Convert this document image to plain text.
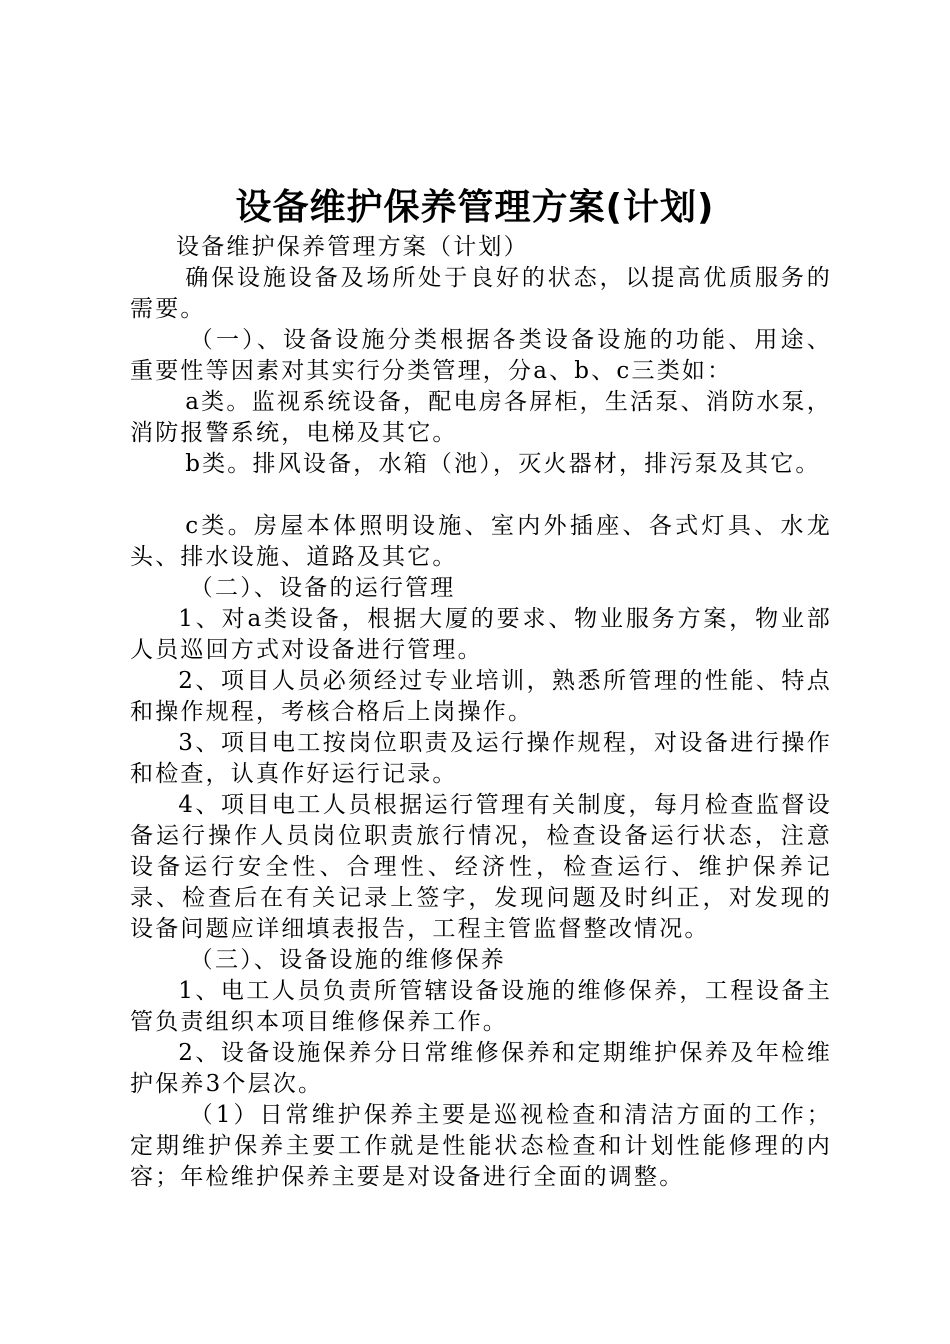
设备维护保养管理方案(计划)

设备维护保养管理方案（计划）

确保设施设备及场所处于良好的状态，以提高优质服务的需要。

（一）、设备设施分类根据各类设备设施的功能、用途、重要性等因素对其实行分类管理，分a、b、c三类如：

a类。监视系统设备，配电房各屏柜，生活泵、消防水泵，消防报警系统，电梯及其它。

b类。排风设备，水箱（池），灭火器材，排污泵及其它。

c类。房屋本体照明设施、室内外插座、各式灯具、水龙头、排水设施、道路及其它。

（二）、设备的运行管理

1、对a类设备，根据大厦的要求、物业服务方案，物业部人员巡回方式对设备进行管理。

2、项目人员必须经过专业培训，熟悉所管理的性能、特点和操作规程，考核合格后上岗操作。

3、项目电工按岗位职责及运行操作规程，对设备进行操作和检查，认真作好运行记录。

4、项目电工人员根据运行管理有关制度，每月检查监督设备运行操作人员岗位职责旅行情况，检查设备运行状态，注意设备运行安全性、合理性、经济性，检查运行、维护保养记录、检查后在有关记录上签字，发现问题及时纠正，对发现的设备问题应详细填表报告，工程主管监督整改情况。

（三）、设备设施的维修保养

1、电工人员负责所管辖设备设施的维修保养，工程设备主管负责组织本项目维修保养工作。

2、设备设施保养分日常维修保养和定期维护保养及年检维护保养3个层次。

（1）日常维护保养主要是巡视检查和清洁方面的工作；定期维护保养主要工作就是性能状态检查和计划性能修理的内容；年检维护保养主要是对设备进行全面的调整。
